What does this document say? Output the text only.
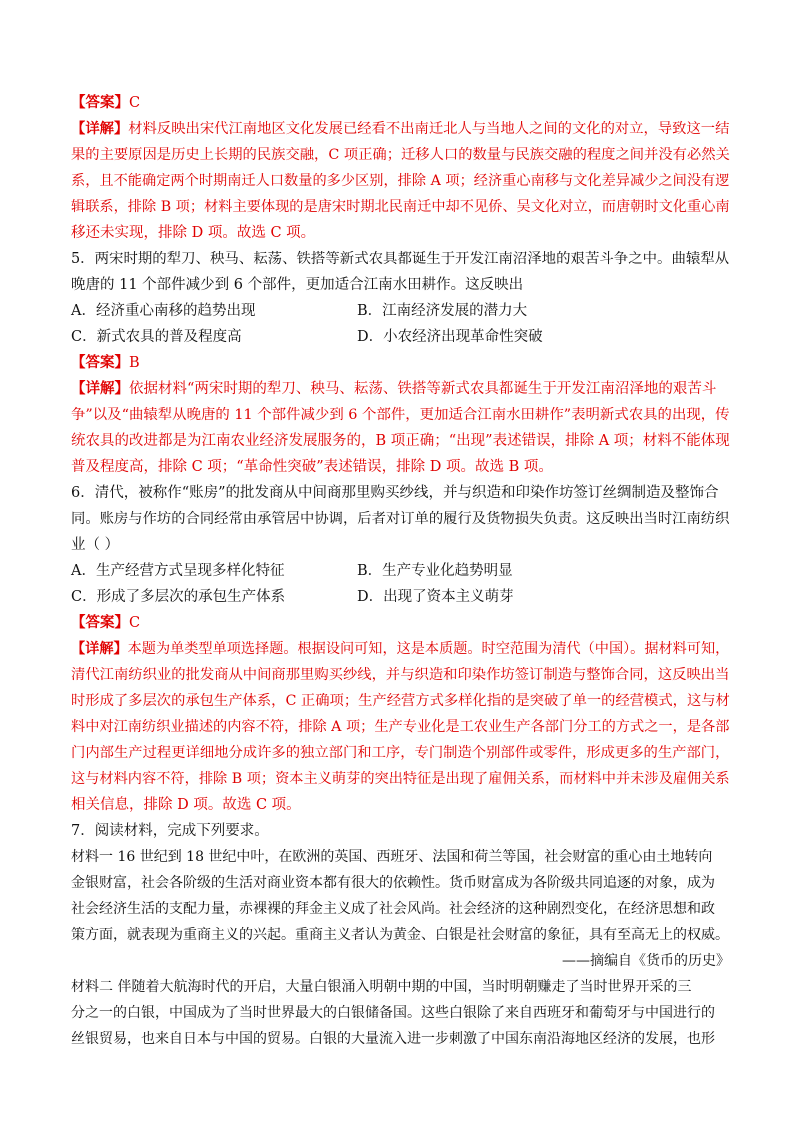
【答案】C
【详解】材料反映出宋代江南地区文化发展已经看不出南迁北人与当地人之间的文化的对立，导致这一结
果的主要原因是历史上长期的民族交融，C 项正确；迁移人口的数量与民族交融的程度之间并没有必然关
系，且不能确定两个时期南迁人口数量的多少区别，排除 A 项；经济重心南移与文化差异减少之间没有逻
辑联系，排除 B 项；材料主要体现的是唐宋时期北民南迁中却不见侨、吴文化对立，而唐朝时文化重心南
移还未实现，排除 D 项。故选 C 项。
5．两宋时期的犁刀、秧马、耘荡、铁搭等新式农具都诞生于开发江南沼泽地的艰苦斗争之中。曲辕犁从
晚唐的 11 个部件减少到 6 个部件，更加适合江南水田耕作。这反映出
A．经济重心南移的趋势出现	B．江南经济发展的潜力大
C．新式农具的普及程度高	D．小农经济出现革命性突破
【答案】B
【详解】依据材料“两宋时期的犁刀、秧马、耘荡、铁搭等新式农具都诞生于开发江南沼泽地的艰苦斗
争”以及“曲辕犁从晚唐的 11 个部件减少到 6 个部件，更加适合江南水田耕作”表明新式农具的出现，传
统农具的改进都是为江南农业经济发展服务的，B 项正确；“出现”表述错误，排除 A 项；材料不能体现
普及程度高，排除 C 项；“革命性突破”表述错误，排除 D 项。故选 B 项。
6．清代，被称作“账房”的批发商从中间商那里购买纱线，并与织造和印染作坊签订丝绸制造及整饰合
同。账房与作坊的合同经常由承管居中协调，后者对订单的履行及货物损失负责。这反映出当时江南纺织
业（ ）
A．生产经营方式呈现多样化特征	B．生产专业化趋势明显
C．形成了多层次的承包生产体系	D．出现了资本主义萌芽
【答案】C
【详解】本题为单类型单项选择题。根据设问可知，这是本质题。时空范围为清代（中国）。据材料可知，
清代江南纺织业的批发商从中间商那里购买纱线，并与织造和印染作坊签订制造与整饰合同，这反映出当
时形成了多层次的承包生产体系，C 正确项；生产经营方式多样化指的是突破了单一的经营模式，这与材
料中对江南纺织业描述的内容不符，排除 A 项；生产专业化是工农业生产各部门分工的方式之一，是各部
门内部生产过程更详细地分成许多的独立部门和工序，专门制造个别部件或零件，形成更多的生产部门，
这与材料内容不符，排除 B 项；资本主义萌芽的突出特征是出现了雇佣关系，而材料中并未涉及雇佣关系
相关信息，排除 D 项。故选 C 项。
7．阅读材料，完成下列要求。
材料一 16 世纪到 18 世纪中叶，在欧洲的英国、西班牙、法国和荷兰等国，社会财富的重心由土地转向
金银财富，社会各阶级的生活对商业资本都有很大的依赖性。货币财富成为各阶级共同追逐的对象，成为
社会经济生活的支配力量，赤裸裸的拜金主义成了社会风尚。社会经济的这种剧烈变化，在经济思想和政
策方面，就表现为重商主义的兴起。重商主义者认为黄金、白银是社会财富的象征，具有至高无上的权威。
——摘编自《货币的历史》
材料二 伴随着大航海时代的开启，大量白银涌入明朝中期的中国，当时明朝赚走了当时世界开采的三
分之一的白银，中国成为了当时世界最大的白银储备国。这些白银除了来自西班牙和葡萄牙与中国进行的
丝银贸易，也来自日本与中国的贸易。白银的大量流入进一步刺激了中国东南沿海地区经济的发展，也形
